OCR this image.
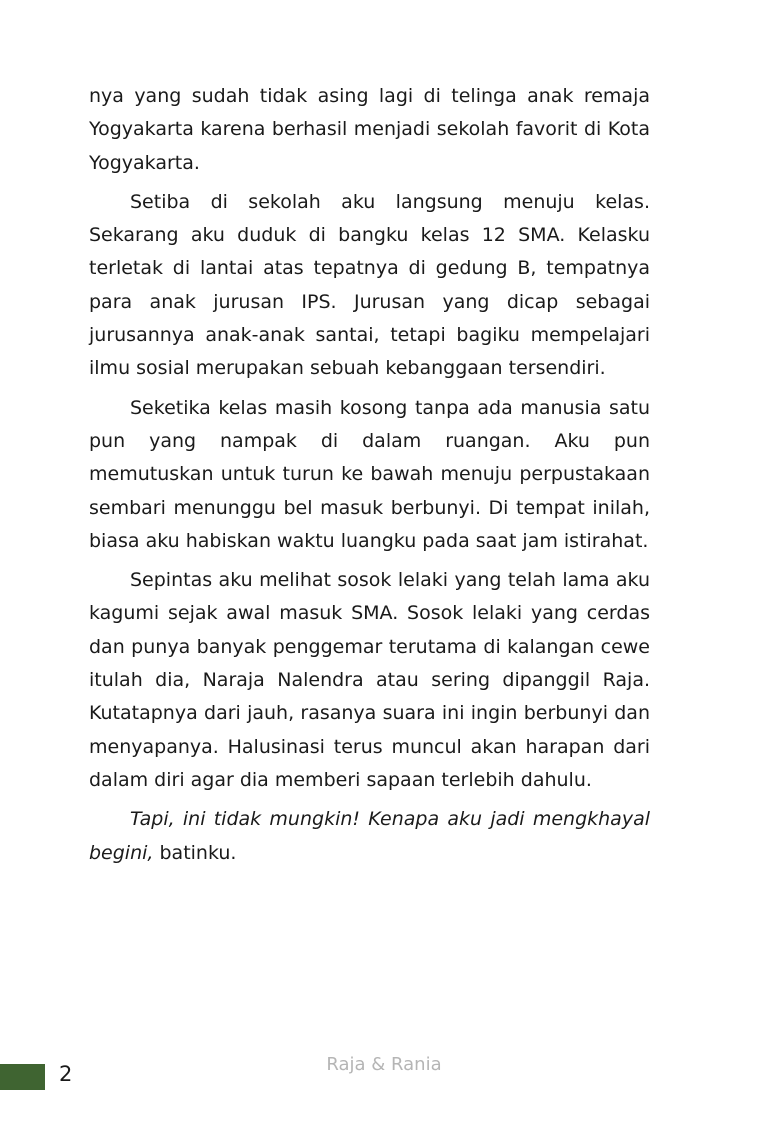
nya yang sudah tidak asing lagi di telinga anak remaja Yogyakarta karena berhasil menjadi sekolah favorit di Kota Yogyakarta.

Setiba di sekolah aku langsung menuju kelas. Sekarang aku duduk di bangku kelas 12 SMA. Kelasku terletak di lantai atas tepatnya di gedung B, tempatnya para anak jurusan IPS. Jurusan yang dicap sebagai jurusannya anak-anak santai, tetapi bagiku mempelajari ilmu sosial merupakan sebuah kebanggaan tersendiri.

Seketika kelas masih kosong tanpa ada manusia satu pun yang nampak di dalam ruangan. Aku pun memutuskan untuk turun ke bawah menuju perpustakaan sembari menunggu bel masuk berbunyi. Di tempat inilah, biasa aku habiskan waktu luangku pada saat jam istirahat.

Sepintas aku melihat sosok lelaki yang telah lama aku kagumi sejak awal masuk SMA. Sosok lelaki yang cerdas dan punya banyak penggemar terutama di kalangan cewe itulah dia, Naraja Nalendra atau sering dipanggil Raja. Kutatapnya dari jauh, rasanya suara ini ingin berbunyi dan menyapanya. Halusinasi terus muncul akan harapan dari dalam diri agar dia memberi sapaan terlebih dahulu.

Tapi, ini tidak mungkin! Kenapa aku jadi mengkhayal begini, batinku.

2	Raja & Rania
